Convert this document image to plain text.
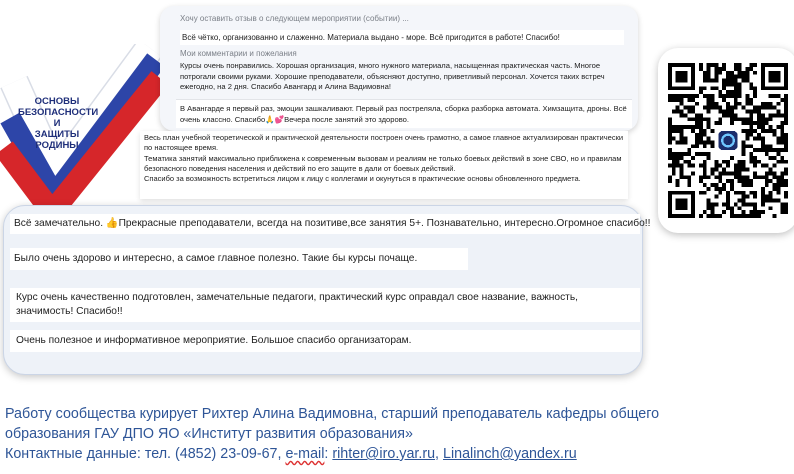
ОСНОВЫ
БЕЗОПАСНОСТИ
И
ЗАЩИТЫ
РОДИНЫ
Хочу оставить отзыв о следующем мероприятии (событии) ...
Всё чётко, организованно и слаженно. Материала выдано - море. Всё пригодится в работе! Спасибо!
Мои комментарии и пожелания
Курсы очень понравились. Хорошая организация, много нужного материала, насыщенная практическая часть. Многое потрогали своими руками. Хорошие преподаватели, объясняют доступно, приветливый персонал. Хочется таких встреч ежегодно, на 2 дня. Спасибо Авангард и Алина Вадимовна!
В Авангарде я первый раз, эмоции зашкаливают. Первый раз постреляла, сборка разборка автомата. Химзащита, дроны. Всё очень классно. Спасибо🙏💕Вечера после занятий это здорово.

Весь план учебной теоретической и практической деятельности построен очень грамотно, а самое главное актуализирован практически по настоящее время.

Тематика занятий максимально приближена к современным вызовам и реалиям не только боевых действий в зоне СВО, но и правилам безопасного поведения населения и действий по его защите в дали от боевых действий.

Спасибо за возможность встретиться лицом к лицу с коллегами и окунуться в практические основы обновленного предмета.

Всё замечательно. 👍Прекрасные преподаватели, всегда на позитиве,все занятия 5+. Познавательно, интересно.Огромное спасибо!!
Было очень здорово и интересно, а самое главное полезно. Такие бы курсы почаще.
Курс очень качественно подготовлен, замечательные педагоги, практический курс оправдал свое название, важность, значимость! Спасибо!!
Очень полезное и информативное мероприятие. Большое спасибо организаторам.

Работу сообщества курирует Рихтер Алина Вадимовна, старший преподаватель кафедры общего

образования ГАУ ДПО ЯО «Институт развития образования»

Контактные данные: тел. (4852) 23-09-67, e-mail: rihter@iro.yar.ru, Linalinch@yandex.ru
